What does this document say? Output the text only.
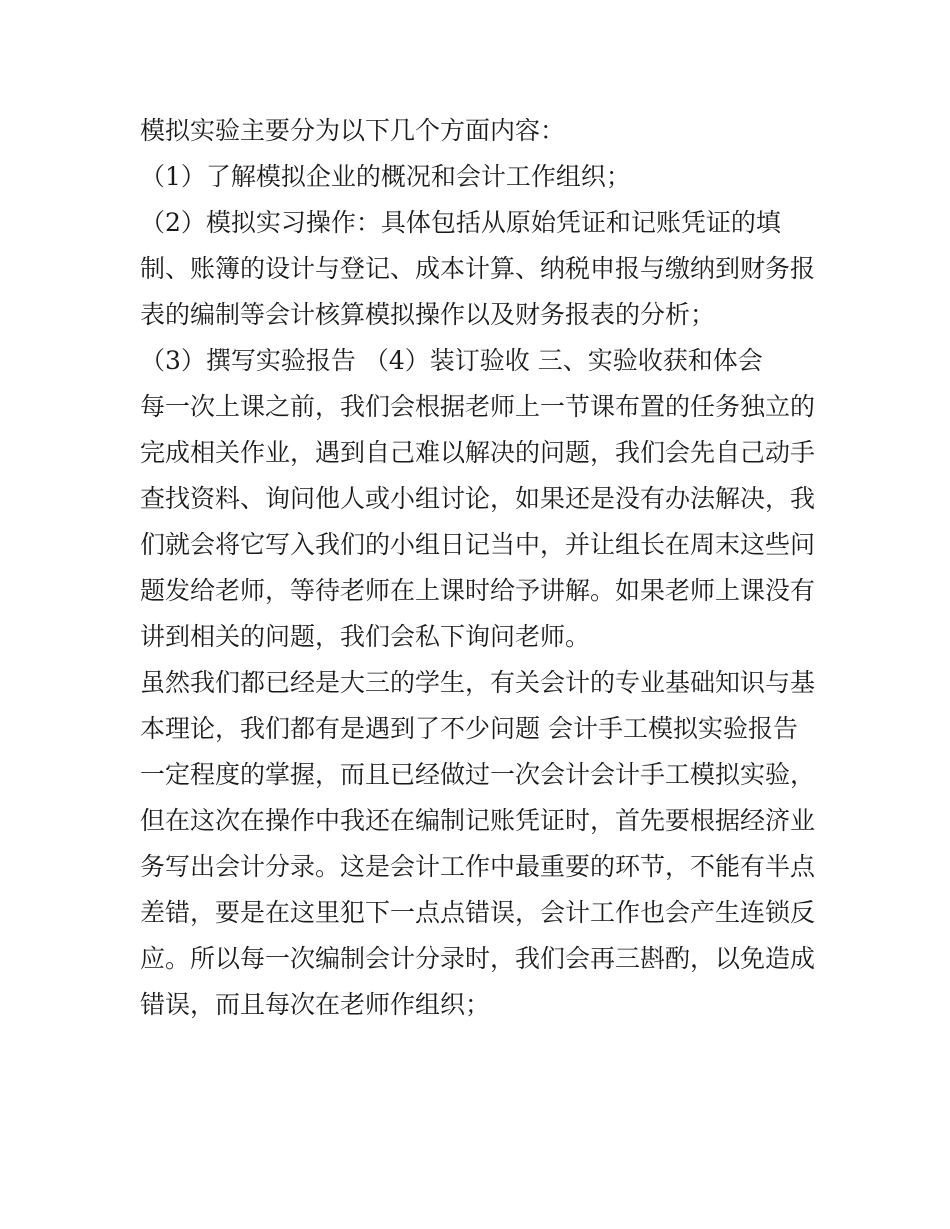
模拟实验主要分为以下几个方面内容：
（1）了解模拟企业的概况和会计工作组织；
（2）模拟实习操作：具体包括从原始凭证和记账凭证的填
制、账簿的设计与登记、成本计算、纳税申报与缴纳到财务报
表的编制等会计核算模拟操作以及财务报表的分析；
（3）撰写实验报告 （4）装订验收 三、实验收获和体会
每一次上课之前，我们会根据老师上一节课布置的任务独立的
完成相关作业，遇到自己难以解决的问题，我们会先自己动手
查找资料、询问他人或小组讨论，如果还是没有办法解决，我
们就会将它写入我们的小组日记当中，并让组长在周末这些问
题发给老师，等待老师在上课时给予讲解。如果老师上课没有
讲到相关的问题，我们会私下询问老师。
虽然我们都已经是大三的学生，有关会计的专业基础知识与基
本理论，我们都有是遇到了不少问题 会计手工模拟实验报告
一定程度的掌握，而且已经做过一次会计会计手工模拟实验，
但在这次在操作中我还在编制记账凭证时，首先要根据经济业
务写出会计分录。这是会计工作中最重要的环节，不能有半点
差错，要是在这里犯下一点点错误，会计工作也会产生连锁反
应。所以每一次编制会计分录时，我们会再三斟酌，以免造成
错误，而且每次在老师作组织；
